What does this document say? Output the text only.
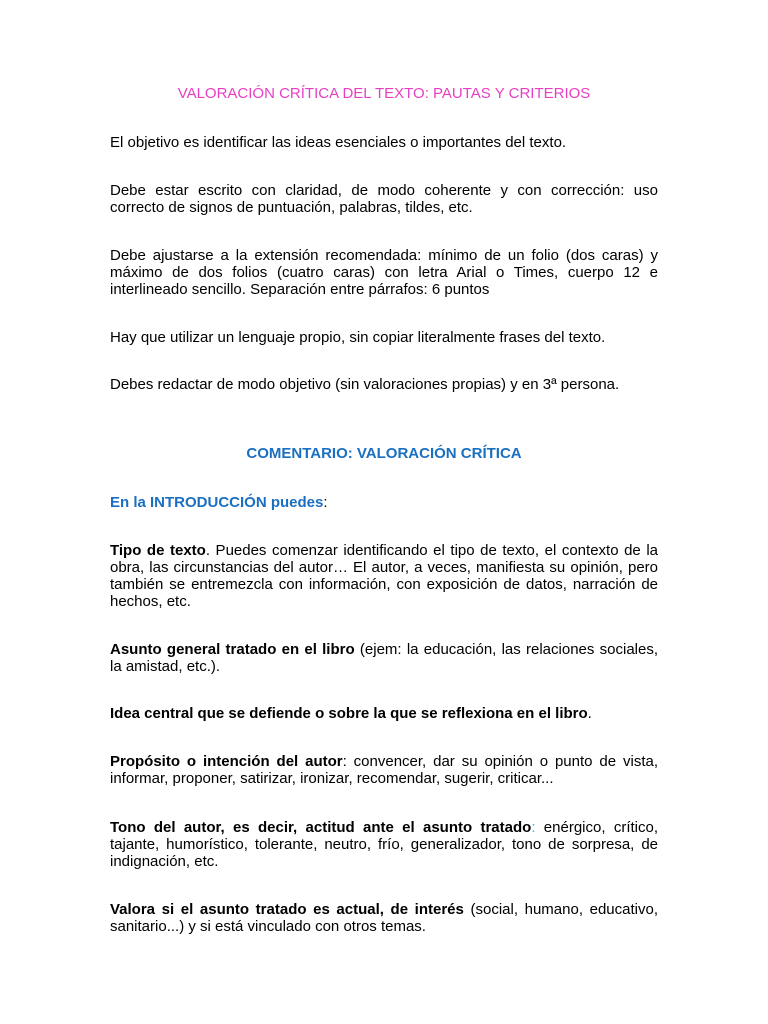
VALORACIÓN CRÍTICA DEL TEXTO: PAUTAS Y CRITERIOS

El objetivo es identificar las ideas esenciales o importantes del texto.

Debe estar escrito con claridad, de modo coherente y con corrección: uso correcto de signos de puntuación, palabras, tildes, etc.

Debe ajustarse a la extensión recomendada: mínimo de un folio (dos caras) y máximo de dos folios (cuatro caras) con letra Arial o Times, cuerpo 12 e interlineado sencillo. Separación entre párrafos: 6 puntos

Hay que utilizar un lenguaje propio, sin copiar literalmente frases del texto.

Debes redactar de modo objetivo (sin valoraciones propias) y en 3ª persona.

COMENTARIO: VALORACIÓN CRÍTICA

En la INTRODUCCIÓN puedes:

Tipo de texto. Puedes comenzar identificando el tipo de texto, el contexto de la obra, las circunstancias del autor… El autor, a veces, manifiesta su opinión, pero también se entremezcla con información, con exposición de datos, narración de hechos, etc.

Asunto general tratado en el libro (ejem: la educación, las relaciones sociales, la amistad, etc.).

Idea central que se defiende o sobre la que se reflexiona en el libro.

Propósito o intención del autor: convencer, dar su opinión o punto de vista, informar, proponer, satirizar, ironizar, recomendar, sugerir, criticar...

Tono del autor, es decir, actitud ante el asunto tratado: enérgico, crítico, tajante, humorístico, tolerante, neutro, frío, generalizador, tono de sorpresa, de indignación, etc.

Valora si el asunto tratado es actual, de interés (social, humano, educativo, sanitario...) y si está vinculado con otros temas.
